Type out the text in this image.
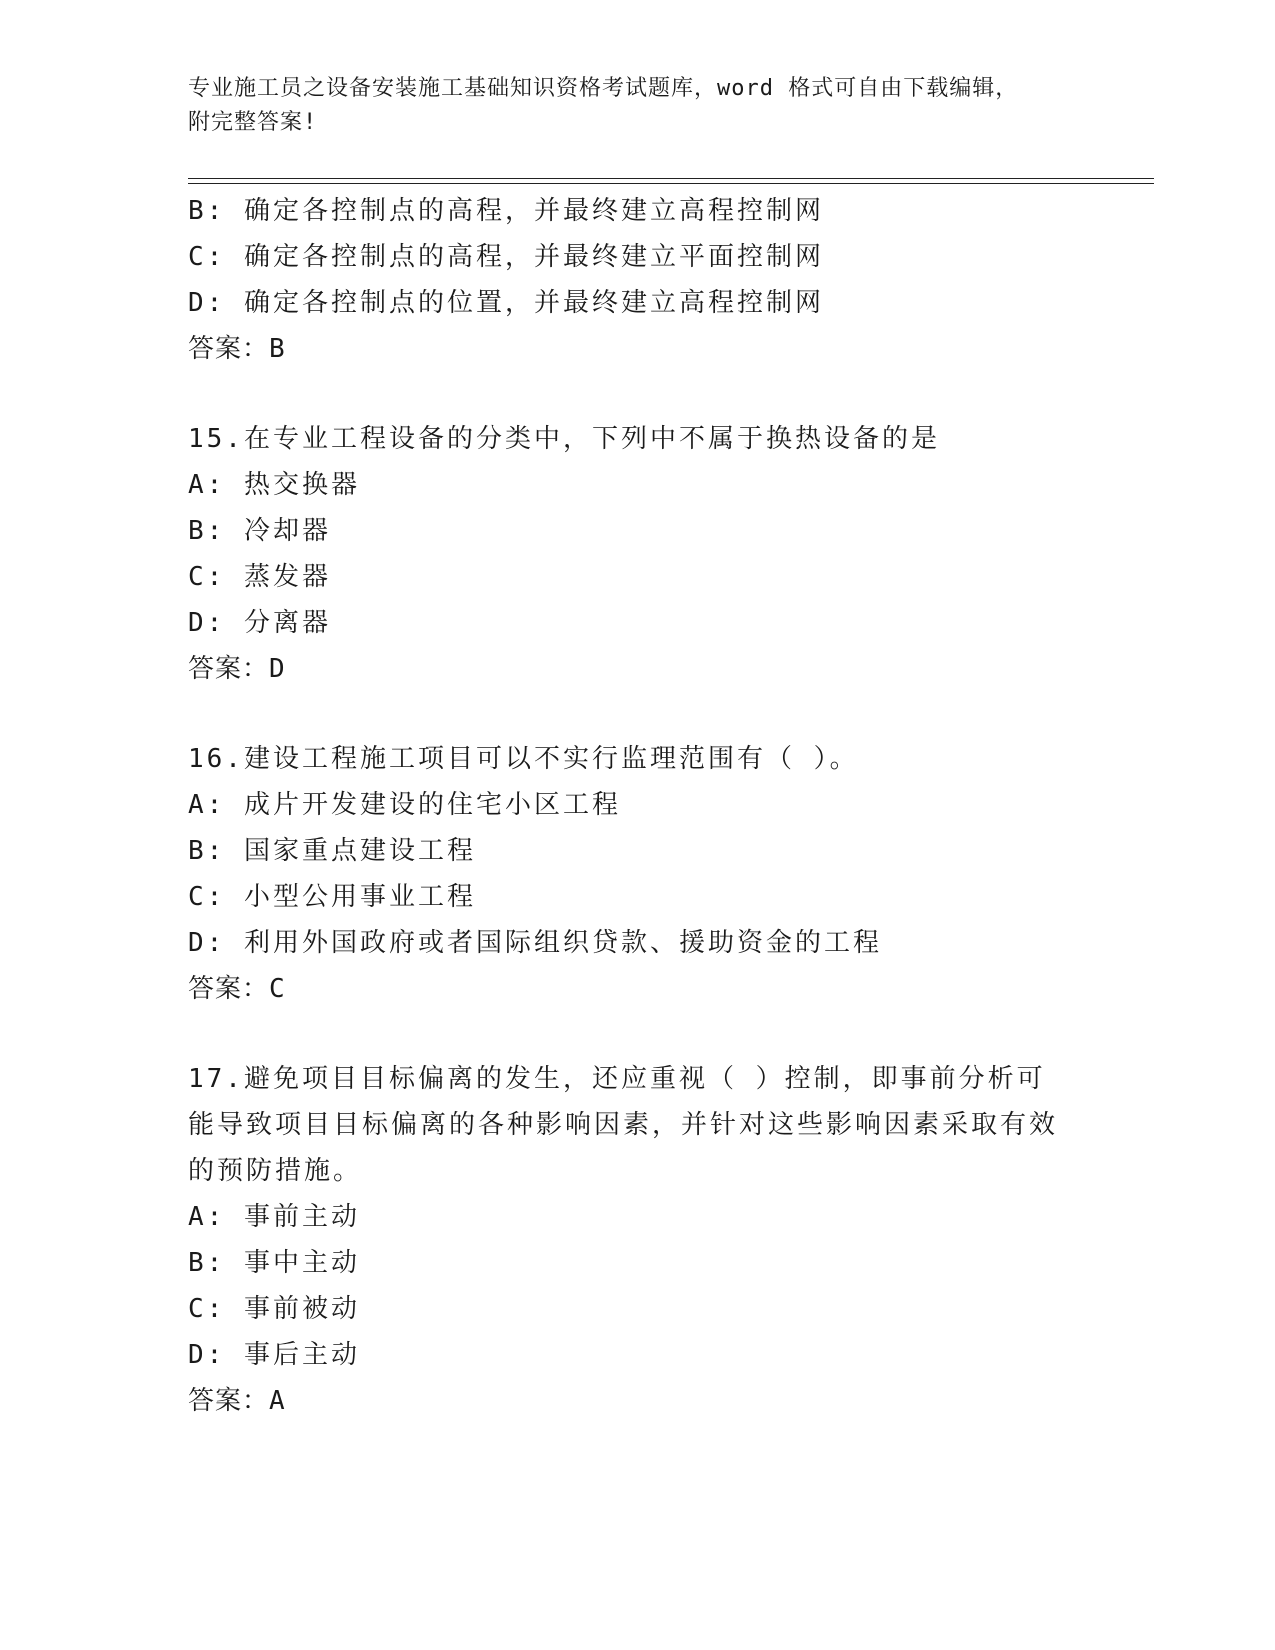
专业施工员之设备安装施工基础知识资格考试题库，word 格式可自由下载编辑，
附完整答案!
B: 确定各控制点的高程，并最终建立高程控制网
C: 确定各控制点的高程，并最终建立平面控制网
D: 确定各控制点的位置，并最终建立高程控制网
答案：B
15.在专业工程设备的分类中，下列中不属于换热设备的是
A: 热交换器
B: 冷却器
C: 蒸发器
D: 分离器
答案：D
16.建设工程施工项目可以不实行监理范围有（ ）。
A: 成片开发建设的住宅小区工程
B: 国家重点建设工程
C: 小型公用事业工程
D: 利用外国政府或者国际组织贷款、援助资金的工程
答案：C
17.避免项目目标偏离的发生，还应重视（ ）控制，即事前分析可能导致项目目标偏离的各种影响因素，并针对这些影响因素采取有效的预防措施。
A: 事前主动
B: 事中主动
C: 事前被动
D: 事后主动
答案：A
